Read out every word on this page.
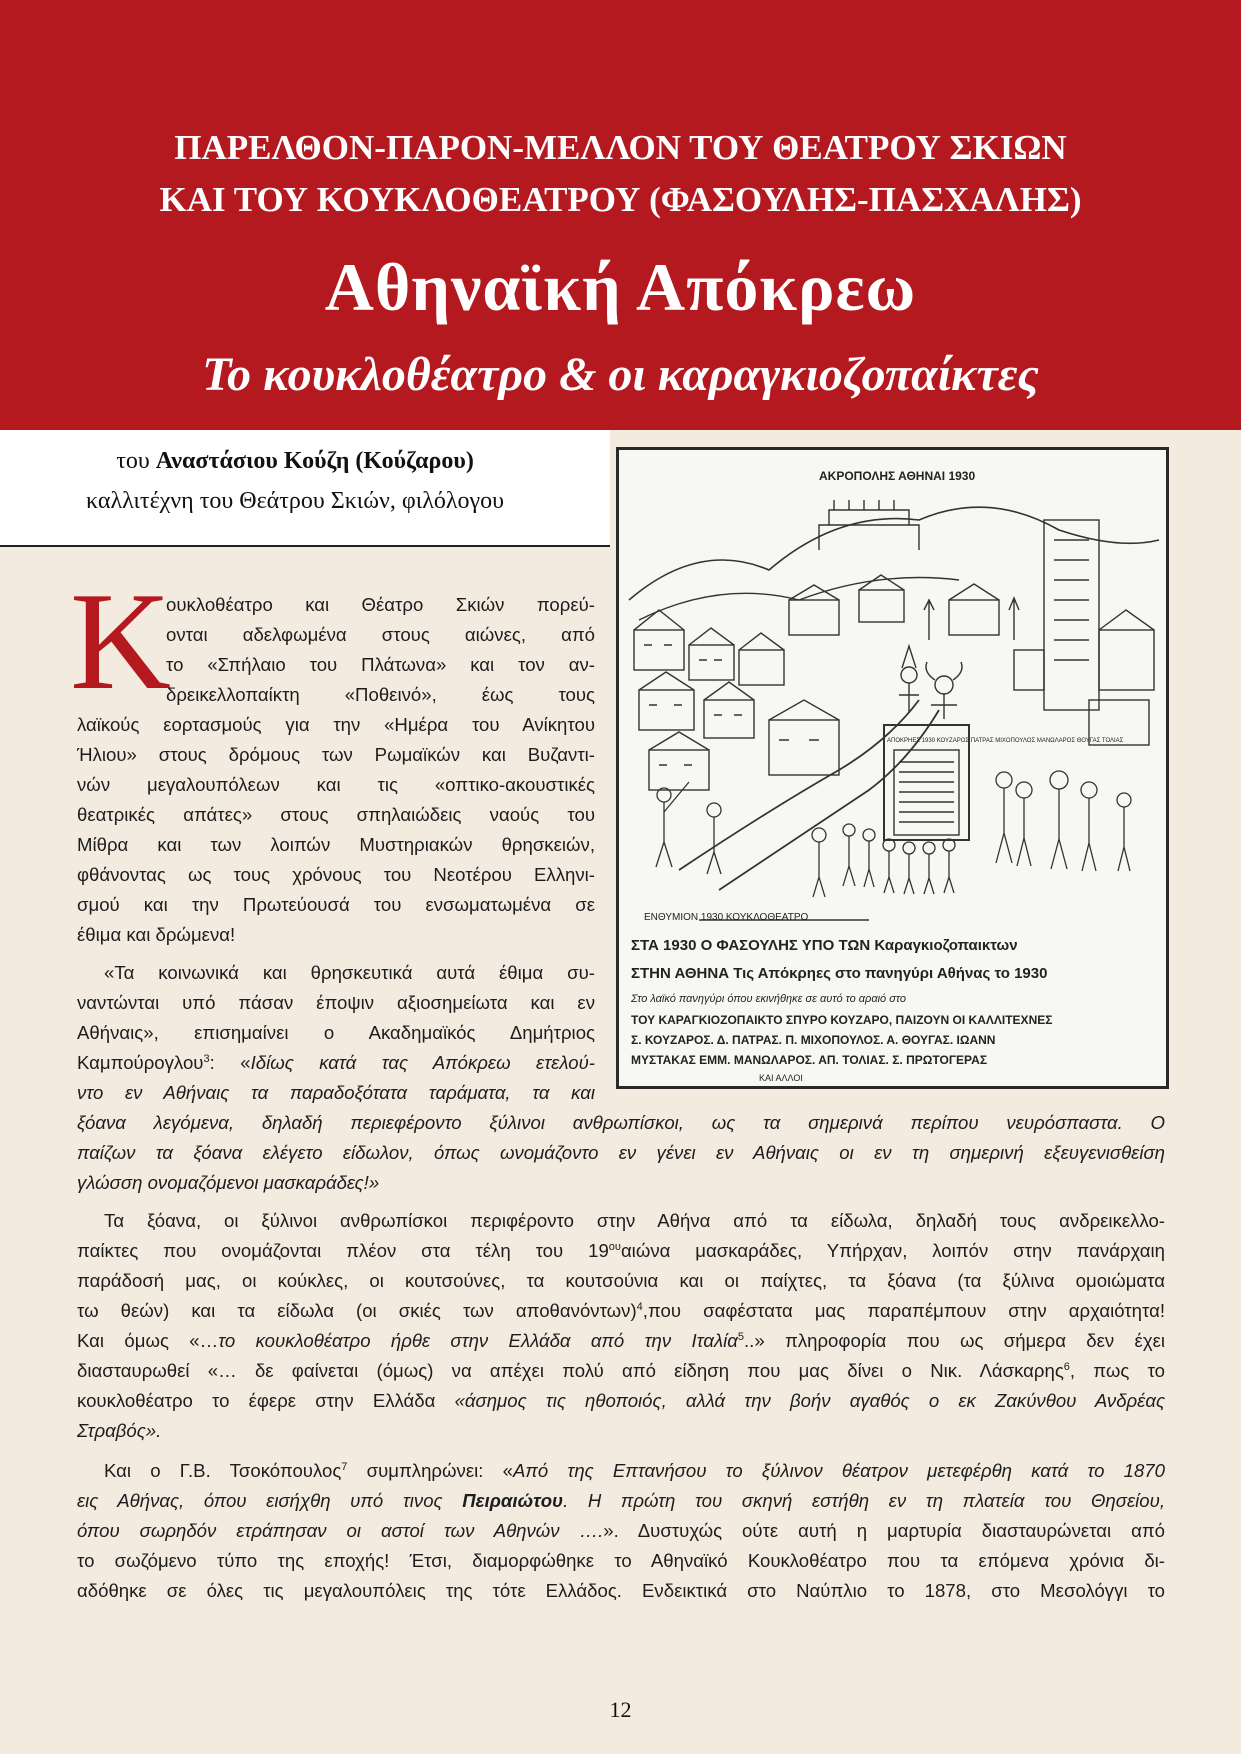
ΠΑΡΕΛΘΟΝ-ΠΑΡΟΝ-ΜΕΛΛΟΝ ΤΟΥ ΘΕΑΤΡΟΥ ΣΚΙΩΝ
ΚΑΙ ΤΟΥ ΚΟΥΚΛΟΘΕΑΤΡΟΥ (ΦΑΣΟΥΛΗΣ-ΠΑΣΧΑΛΗΣ)
Αθηναϊκή Απόκρεω
Το κουκλοθέατρο & οι καραγκιοζοπαίκτες
του Αναστάσιου Κούζη (Κούζαρου)
καλλιτέχνη του Θεάτρου Σκιών, φιλόλογου
ΑΚΡΟΠΟΛΗΣ ΑΘΗΝΑΙ 1930
ΕΝΘΥΜΙΟΝ 1930 ΚΟΥΚΛΟΘΕΑΤΡΟ
ΑΠΟΚΡΗΕΣ 1930 ΚΟΥΖΑΡΟΣ ΠΑΤΡΑΣ ΜΙΧΟΠΟΥΛΟΣ ΜΑΝΩΛΑΡΟΣ ΘΟΥΓΑΣ ΤΟΛΙΑΣ
ΣΤΑ 1930 Ο ΦΑΣΟΥΛΗΣ ΥΠΟ ΤΩΝ Καραγκιοζοπαικτων
ΣΤΗΝ ΑΘΗΝΑ Τις Απόκρηες στο πανηγύρι Αθήνας το 1930
Στο λαϊκό πανηγύρι όπου εκινήθηκε σε αυτό το αραιό στο
ΤΟΥ ΚΑΡΑΓΚΙΟΖΟΠΑΙΚΤΟ ΣΠΥΡΟ ΚΟΥΖΑΡΟ, ΠΑΙΖΟΥΝ ΟΙ ΚΑΛΛΙΤΕΧΝΕΣ
Σ. ΚΟΥΖΑΡΟΣ. Δ. ΠΑΤΡΑΣ. Π. ΜΙΧΟΠΟΥΛΟΣ. Α. ΘΟΥΓΑΣ. ΙΩΑΝΝ
ΜΥΣΤΑΚΑΣ ΕΜΜ. ΜΑΝΩΛΑΡΟΣ. ΑΠ. ΤΟΛΙΑΣ. Σ. ΠΡΩΤΟΓΕΡΑΣ
ΚΑΙ ΑΛΛΟΙ
Κ
ουκλοθέατρο και Θέατρο Σκιών πορεύ-
ονται αδελφωμένα στους αιώνες, από
το «Σπήλαιο του Πλάτωνα» και τον αν-
δρεικελλοπαίκτη «Ποθεινό», έως τους
λαϊκούς εορτασμούς για την «Ημέρα του Ανίκητου
Ήλιου» στους δρόμους των Ρωμαϊκών και Βυζαντι-
νών μεγαλουπόλεων και τις «οπτικο-ακουστικές
θεατρικές απάτες» στους σπηλαιώδεις ναούς του
Μίθρα και των λοιπών Μυστηριακών θρησκειών,
φθάνοντας ως τους χρόνους του Νεοτέρου Ελληνι-
σμού και την Πρωτεύουσά του ενσωματωμένα σε
έθιμα και δρώμενα!
«Τα κοινωνικά και θρησκευτικά αυτά έθιμα συ-
ναντώνται υπό πάσαν έποψιν αξιοσημείωτα και εν
Αθήναις», επισημαίνει ο Ακαδημαϊκός Δημήτριος
Καμπούρογλου$^3$: «Ιδίως κατά τας Απόκρεω ετελού-
ντο εν Αθήναις τα παραδοξότατα ταράματα, τα και
ξόανα λεγόμενα, δηλαδή περιεφέροντο ξύλινοι ανθρωπίσκοι, ως τα σημερινά περίπου νευρόσπαστα. Ο
παίζων τα ξόανα ελέγετο είδωλον, όπως ωνομάζοντο εν γένει εν Αθήναις οι εν τη σημερινή εξευγενισθείση
γλώσση ονομαζόμενοι μασκαράδες!»
Τα ξόανα, οι ξύλινοι ανθρωπίσκοι περιφέροντο στην Αθήνα από τα είδωλα, δηλαδή τους ανδρεικελλο-
παίκτες που ονομάζονται πλέον στα τέλη του $19^{o\upsilon}\alpha\iota ώ\nu\alpha$ μασκαράδες, Υπήρχαν, λοιπόν στην πανάρχαιη
παράδοσή μας, οι κούκλες, οι κουτσούνες, τα κουτσούνια και οι παίχτες, τα ξόανα (τα ξύλινα ομοιώματα
τω θεών) και τα είδωλα (οι σκιές των αποθανόντων)$^4$,που σαφέστατα μας παραπέμπουν στην αρχαιότητα!
Και όμως «…το κουκλοθέατρο ήρθε στην Ελλάδα από την Ιταλία$^5$..» πληροφορία που ως σήμερα δεν έχει
διασταυρωθεί «… δε φαίνεται (όμως) να απέχει πολύ από είδηση που μας δίνει ο Νικ. Λάσκαρης$^6$, πως το
κουκλοθέατρο το έφερε στην Ελλάδα «άσημος τις ηθοποιός, αλλά την βοήν αγαθός ο εκ Ζακύνθου Ανδρέας
Στραβός».
Και ο Γ.Β. Τσοκόπουλος$^7$ συμπληρώνει: «Από της Επτανήσου το ξύλινον θέατρον μετεφέρθη κατά το 1870
εις Αθήνας, όπου εισήχθη υπό τινος Πειραιώτου. Η πρώτη του σκηνή εστήθη εν τη πλατεία του Θησείου,
όπου σωρηδόν ετράπησαν οι αστοί των Αθηνών ….». Δυστυχώς ούτε αυτή η μαρτυρία διασταυρώνεται από
το σωζόμενο τύπο της εποχής! Έτσι, διαμορφώθηκε το Αθηναϊκό Κουκλοθέατρο που τα επόμενα χρόνια δι-
αδόθηκε σε όλες τις μεγαλουπόλεις της τότε Ελλάδος. Ενδεικτικά στο Ναύπλιο το 1878, στο Μεσολόγγι το
12
